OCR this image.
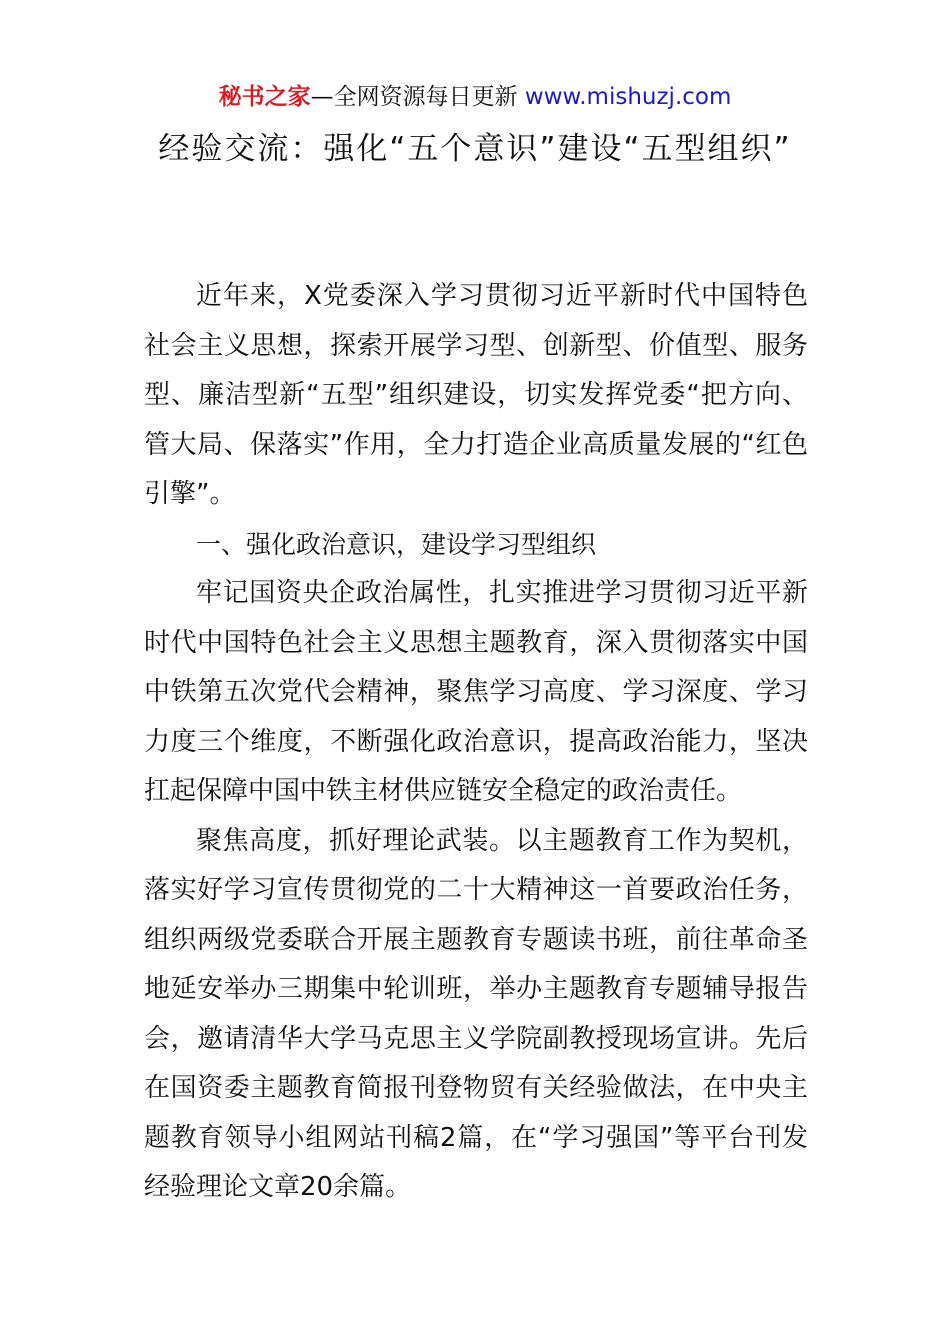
秘书之家—全网资源每日更新 www.mishuzj.com
经验交流：强化“五个意识”建设“五型组织”

近年来，X党委深入学习贯彻习近平新时代中国特色社会主义思想，探索开展学习型、创新型、价值型、服务型、廉洁型新“五型”组织建设，切实发挥党委“把方向、管大局、保落实”作用，全力打造企业高质量发展的“红色引擎”。

一、强化政治意识，建设学习型组织

牢记国资央企政治属性，扎实推进学习贯彻习近平新时代中国特色社会主义思想主题教育，深入贯彻落实中国中铁第五次党代会精神，聚焦学习高度、学习深度、学习力度三个维度，不断强化政治意识，提高政治能力，坚决扛起保障中国中铁主材供应链安全稳定的政治责任。

聚焦高度，抓好理论武装。以主题教育工作为契机，落实好学习宣传贯彻党的二十大精神这一首要政治任务，组织两级党委联合开展主题教育专题读书班，前往革命圣地延安举办三期集中轮训班，举办主题教育专题辅导报告会，邀请清华大学马克思主义学院副教授现场宣讲。先后在国资委主题教育简报刊登物贸有关经验做法，在中央主题教育领导小组网站刊稿2篇，在“学习强国”等平台刊发经验理论文章20余篇。
